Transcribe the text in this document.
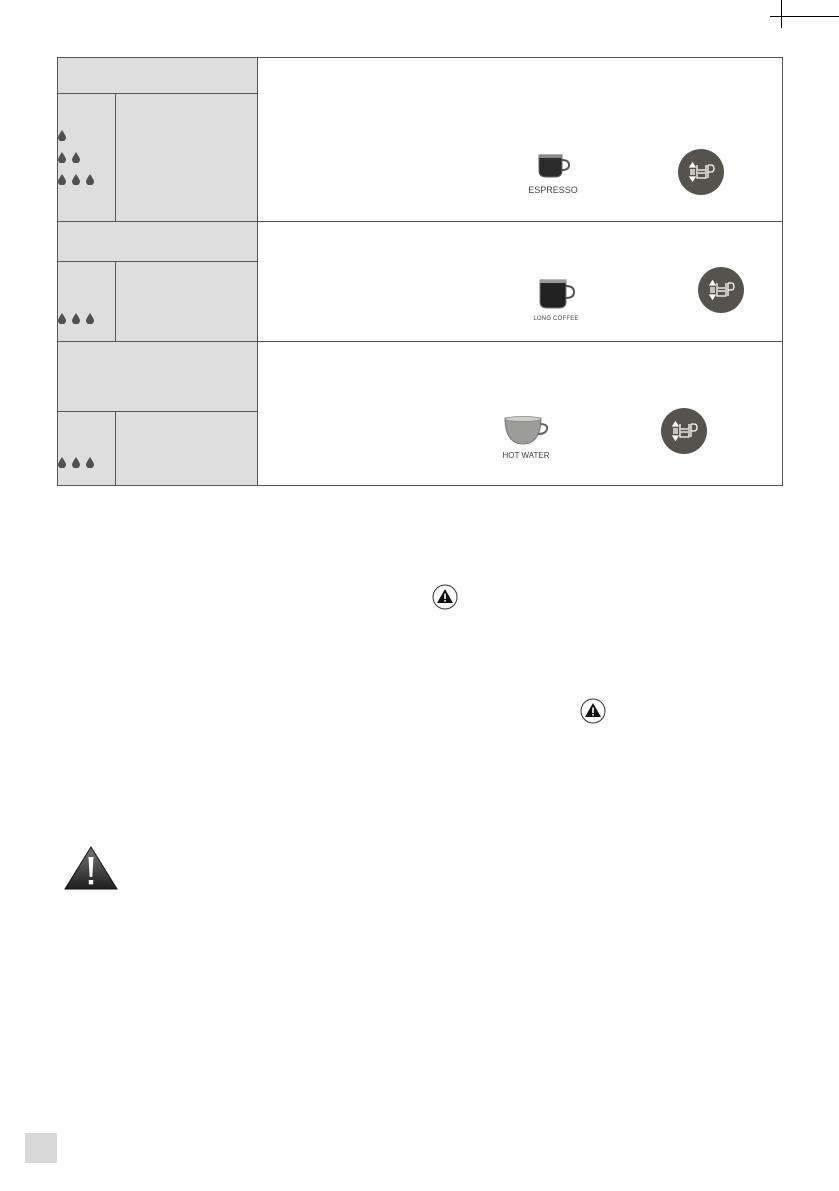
		ESPRESSO

		LONG COFFEE

		HOT WATER
